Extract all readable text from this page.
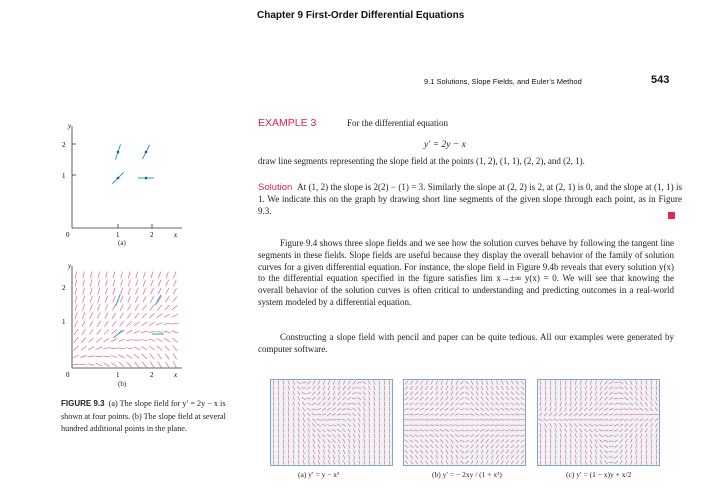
Chapter 9 First-Order Differential Equations
9.1 Solutions, Slope Fields, and Euler’s Method	543
EXAMPLE 3	For the differential equation
y′ = 2y − x
draw line segments representing the slope field at the points (1, 2), (1, 1), (2, 2), and (2, 1).
Solution At (1, 2) the slope is 2(2) − (1) = 3. Similarly the slope at (2, 2) is 2, at (2, 1) is 0, and the slope at (1, 1) is 1. We indicate this on the graph by drawing short line segments of the given slope through each point, as in Figure 9.3.
Figure 9.4 shows three slope fields and we see how the solution curves behave by following the tangent line segments in these fields. Slope fields are useful because they display the overall behavior of the family of solution curves for a given differential equation. For instance, the slope field in Figure 9.4b reveals that every solution y(x) to the differential equation specified in the figure satisfies lim x→±∞ y(x) = 0. We will see that knowing the overall behavior of the solution curves is often critical to understanding and predicting outcomes in a real-world system modeled by a differential equation.
Constructing a slope field with pencil and paper can be quite tedious. All our examples were generated by computer software.
1
2
1	2
0	x
y
(a)
1
2
1	2
0	x
y
(b)
FIGURE 9.3 (a) The slope field for y′ = 2y − x is shown at four points. (b) The slope field at several hundred additional points in the plane.
(a) y′ = y − x²	(b) y′ = − 2xy / (1 + x²)	(c) y′ = (1 − x)y + x/2
